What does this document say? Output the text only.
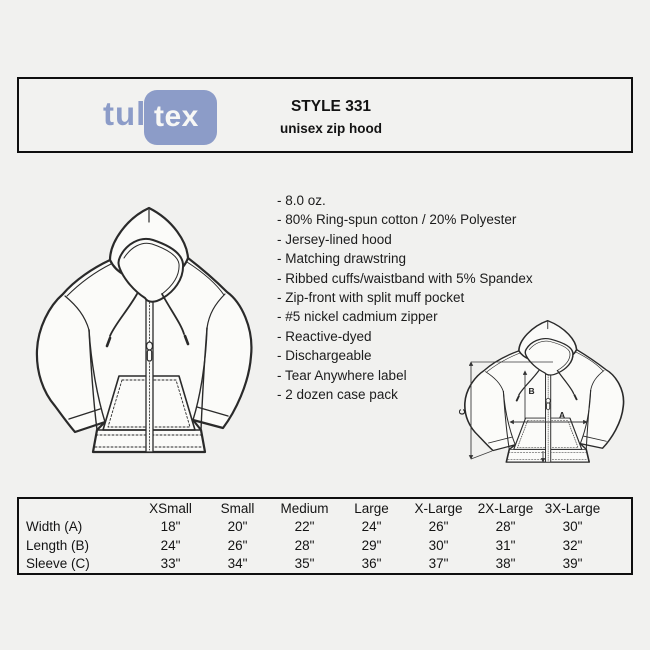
tul tex	STYLE 331
unisex zip hood
- 8.0 oz.
- 80% Ring-spun cotton / 20% Polyester
- Jersey-lined hood
- Matching drawstring
- Ribbed cuffs/waistband with 5% Spandex
- Zip-front with split muff pocket
- #5 nickel cadmium zipper
- Reactive-dyed
- Dischargeable
- Tear Anywhere label
- 2 dozen case pack
A
B
C
	XSmall	Small	Medium	Large	X-Large	2X-Large	3X-Large
Width (A)	18"	20"	22"	24"	26"	28"	30"
Length (B)	24"	26"	28"	29"	30"	31"	32"
Sleeve (C)	33"	34"	35"	36"	37"	38"	39"
